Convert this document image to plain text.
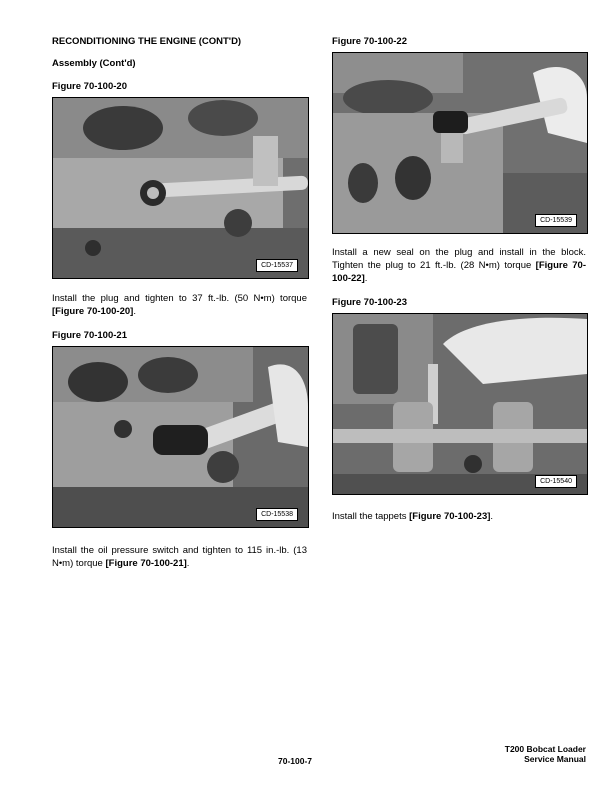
RECONDITIONING THE ENGINE (CONT'D)
Assembly (Cont'd)
Figure 70-100-20
CD-15537
Install the plug and tighten to 37 ft.-lb. (50 N•m) torque [Figure 70-100-20].
Figure 70-100-21
CD-15538
Install the oil pressure switch and tighten to 115 in.-lb. (13 N•m) torque [Figure 70-100-21].
Figure 70-100-22
CD-15539
Install a new seal on the plug and install in the block. Tighten the plug to 21 ft.-lb. (28 N•m) torque [Figure 70-100-22].
Figure 70-100-23
CD-15540
Install the tappets [Figure 70-100-23].
70-100-7
T200 Bobcat Loader
Service Manual
